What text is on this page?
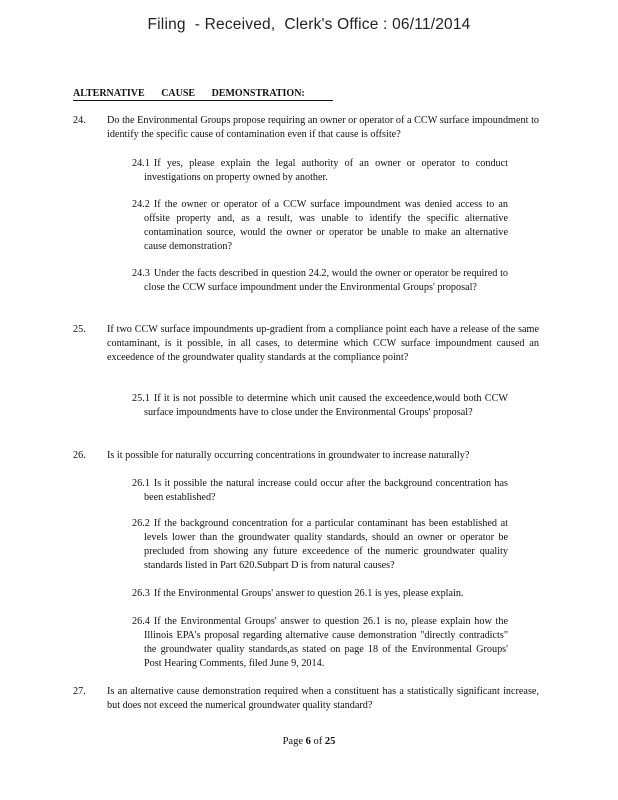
Filing  - Received,  Clerk's Office : 06/11/2014
ALTERNATIVE CAUSE DEMONSTRATION:
24. Do the Environmental Groups propose requiring an owner or operator of a CCW surface impoundment to identify the specific cause of contamination even if that cause is offsite?
24.1 If yes, please explain the legal authority of an owner or operator to conduct investigations on property owned by another.
24.2 If the owner or operator of a CCW surface impoundment was denied access to an offsite property and, as a result, was unable to identify the specific alternative contamination source, would the owner or operator be unable to make an alternative cause demonstration?
24.3 Under the facts described in question 24.2, would the owner or operator be required to close the CCW surface impoundment under the Environmental Groups' proposal?
25. If two CCW surface impoundments up-gradient from a compliance point each have a release of the same contaminant, is it possible, in all cases, to determine which CCW surface impoundment caused an exceedence of the groundwater quality standards at the compliance point?
25.1 If it is not possible to determine which unit caused the exceedence,would both CCW surface impoundments have to close under the Environmental Groups' proposal?
26. Is it possible for naturally occurring concentrations in groundwater to increase naturally?
26.1 Is it possible the natural increase could occur after the background concentration has been established?
26.2 If the background concentration for a particular contaminant has been established at levels lower than the groundwater quality standards, should an owner or operator be precluded from showing any future exceedence of the numeric groundwater quality standards listed in Part 620.Subpart D is from natural causes?
26.3 If the Environmental Groups' answer to question 26.1 is yes, please explain.
26.4 If the Environmental Groups' answer to question 26.1 is no, please explain how the Illinois EPA's proposal regarding alternative cause demonstration "directly contradicts" the groundwater quality standards,as stated on page 18 of the Environmental Groups' Post Hearing Comments, filed June 9, 2014.
27. Is an alternative cause demonstration required when a constituent has a statistically significant increase, but does not exceed the numerical groundwater quality standard?
Page 6 of 25
